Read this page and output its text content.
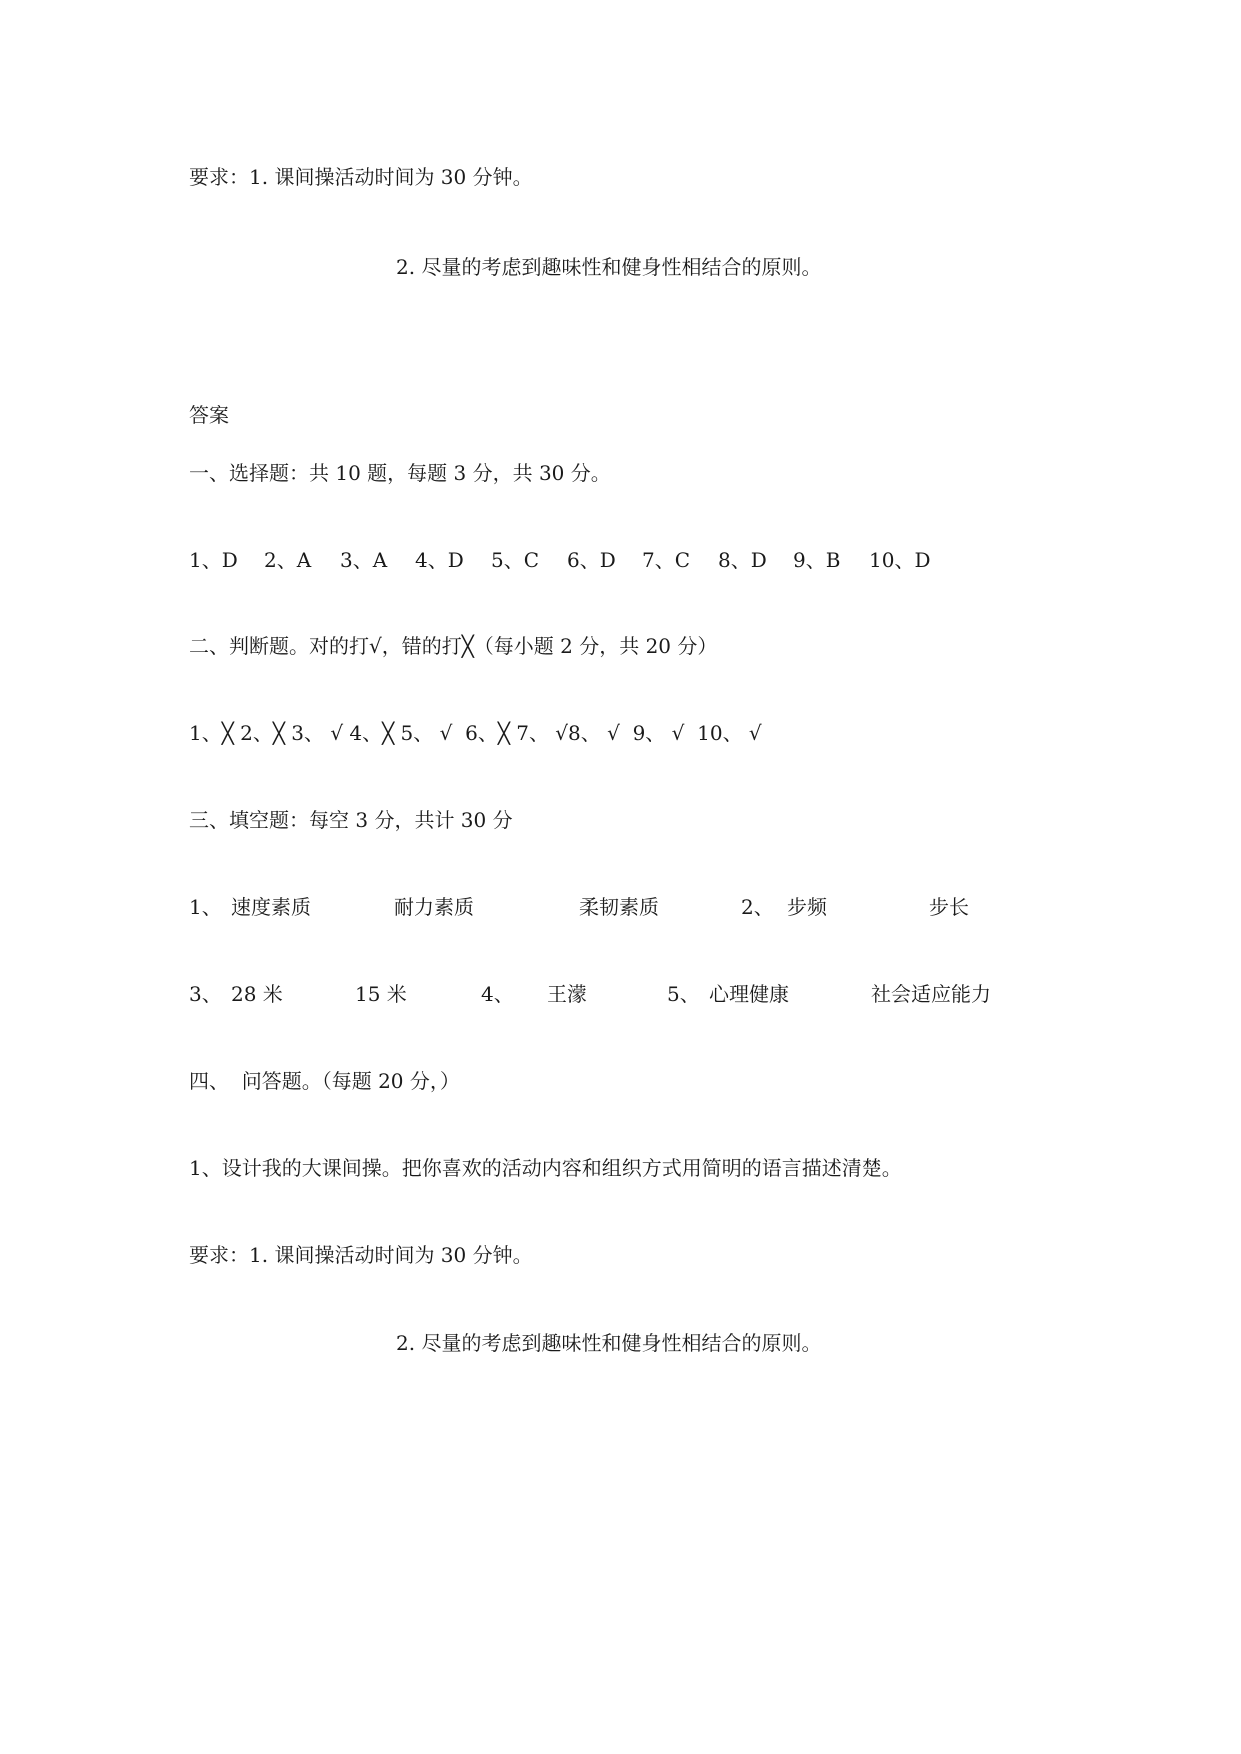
要求：1. 课间操活动时间为 30 分钟。

2. 尽量的考虑到趣味性和健身性相结合的原则。

答案

一、选择题：共 10 题，每题 3 分，共 30 分。

1、D

2、A

3、A

4、D

5、C

6、D

7、C

8、D

9、B

10、D

二、判断题。对的打√，错的打╳（每小题 2 分，共 20 分）

1、╳ 2、╳ 3、 √ 4、╳ 5、 √  6、╳ 7、 √8、 √  9、 √  10、 √

三、填空题：每空 3 分，共计 30 分

1、

速度素质

	耐力素质

	柔韧素质

	2、

步频

	步长

3、

28 米

	15 米

	4、

王濛

	5、

心理健康

	社会适应能力

四、  问答题。（每题 20 分，）

1、设计我的大课间操。把你喜欢的活动内容和组织方式用简明的语言描述清楚。

要求：1. 课间操活动时间为 30 分钟。

2. 尽量的考虑到趣味性和健身性相结合的原则。
